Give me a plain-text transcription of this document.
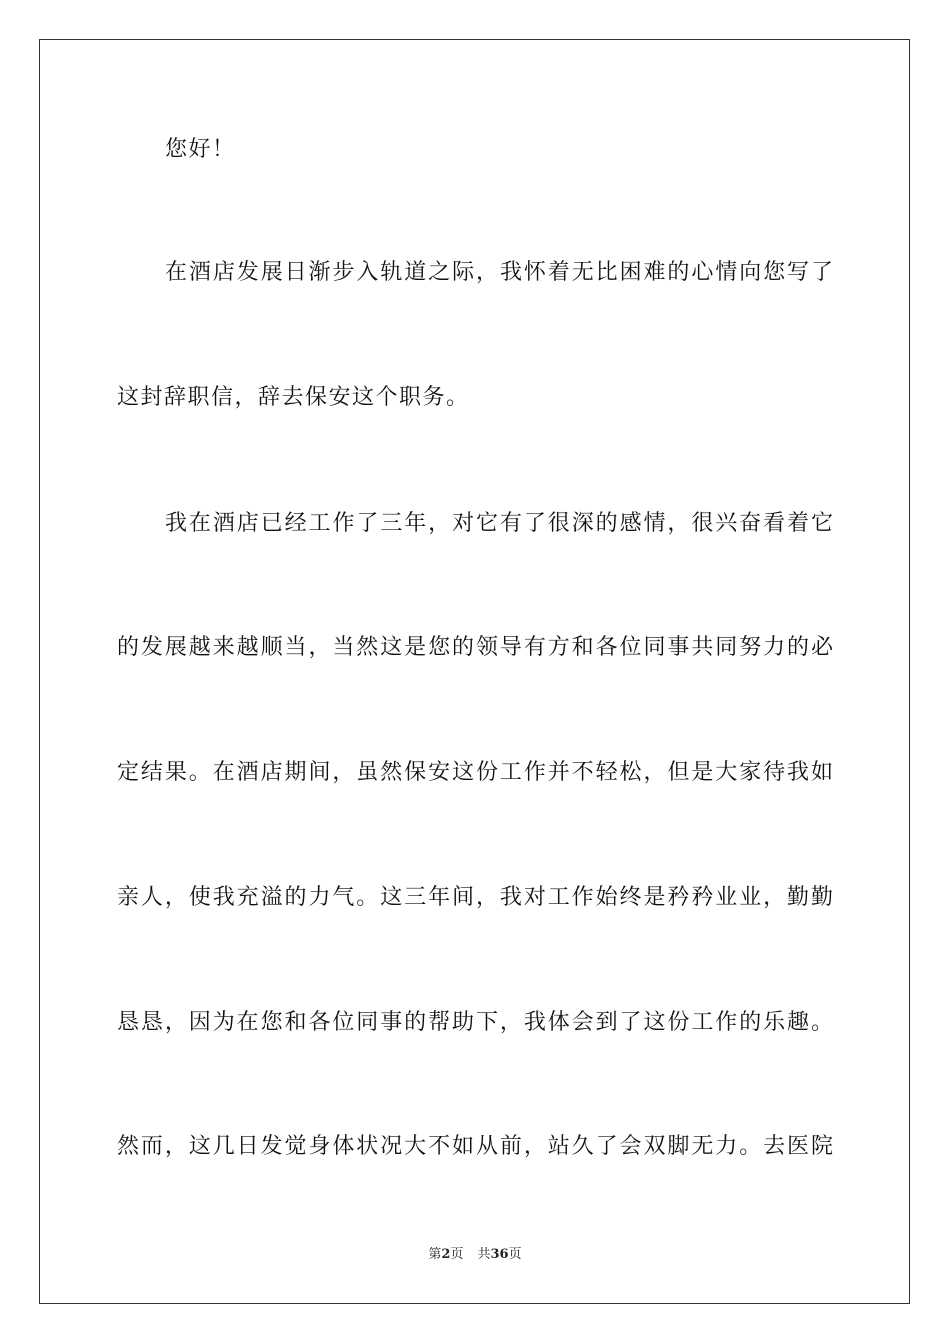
您好！
在酒店发展日渐步入轨道之际，我怀着无比困难的心情向您写了
这封辞职信，辞去保安这个职务。
我在酒店已经工作了三年，对它有了很深的感情，很兴奋看着它
的发展越来越顺当，当然这是您的领导有方和各位同事共同努力的必
定结果。在酒店期间，虽然保安这份工作并不轻松，但是大家待我如
亲人，使我充溢的力气。这三年间，我对工作始终是矜矜业业，勤勤
恳恳，因为在您和各位同事的帮助下，我体会到了这份工作的乐趣。
然而，这几日发觉身体状况大不如从前，站久了会双脚无力。去医院
第2页 共36页
